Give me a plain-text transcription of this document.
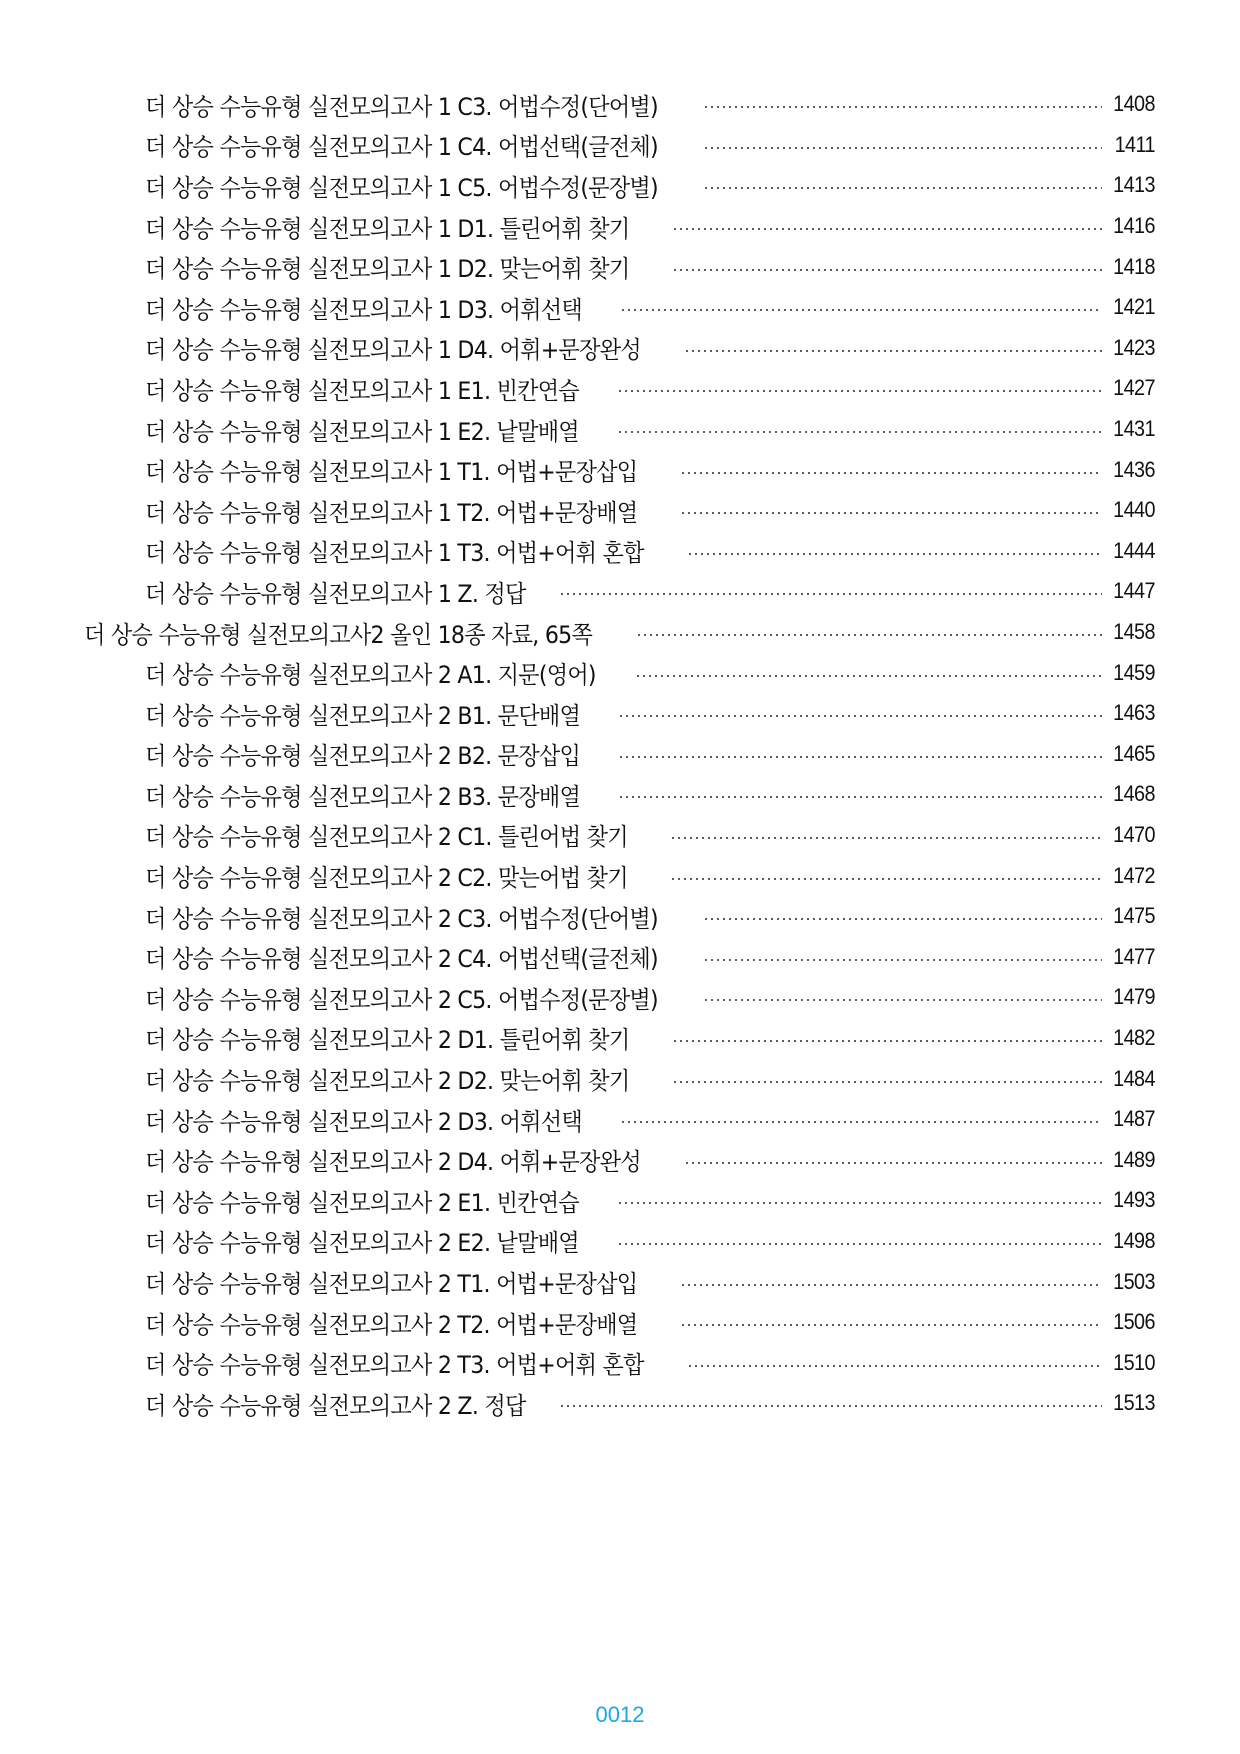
더 상승 수능유형 실전모의고사 1 C3. 어법수정(단어별)	1408
더 상승 수능유형 실전모의고사 1 C4. 어법선택(글전체)	1411
더 상승 수능유형 실전모의고사 1 C5. 어법수정(문장별)	1413
더 상승 수능유형 실전모의고사 1 D1. 틀린어휘 찾기	1416
더 상승 수능유형 실전모의고사 1 D2. 맞는어휘 찾기	1418
더 상승 수능유형 실전모의고사 1 D3. 어휘선택	1421
더 상승 수능유형 실전모의고사 1 D4. 어휘+문장완성	1423
더 상승 수능유형 실전모의고사 1 E1. 빈칸연습	1427
더 상승 수능유형 실전모의고사 1 E2. 낱말배열	1431
더 상승 수능유형 실전모의고사 1 T1. 어법+문장삽입	1436
더 상승 수능유형 실전모의고사 1 T2. 어법+문장배열	1440
더 상승 수능유형 실전모의고사 1 T3. 어법+어휘 혼합	1444
더 상승 수능유형 실전모의고사 1 Z. 정답	1447
더 상승 수능유형 실전모의고사2 올인 18종 자료, 65쪽	1458
더 상승 수능유형 실전모의고사 2 A1. 지문(영어)	1459
더 상승 수능유형 실전모의고사 2 B1. 문단배열	1463
더 상승 수능유형 실전모의고사 2 B2. 문장삽입	1465
더 상승 수능유형 실전모의고사 2 B3. 문장배열	1468
더 상승 수능유형 실전모의고사 2 C1. 틀린어법 찾기	1470
더 상승 수능유형 실전모의고사 2 C2. 맞는어법 찾기	1472
더 상승 수능유형 실전모의고사 2 C3. 어법수정(단어별)	1475
더 상승 수능유형 실전모의고사 2 C4. 어법선택(글전체)	1477
더 상승 수능유형 실전모의고사 2 C5. 어법수정(문장별)	1479
더 상승 수능유형 실전모의고사 2 D1. 틀린어휘 찾기	1482
더 상승 수능유형 실전모의고사 2 D2. 맞는어휘 찾기	1484
더 상승 수능유형 실전모의고사 2 D3. 어휘선택	1487
더 상승 수능유형 실전모의고사 2 D4. 어휘+문장완성	1489
더 상승 수능유형 실전모의고사 2 E1. 빈칸연습	1493
더 상승 수능유형 실전모의고사 2 E2. 낱말배열	1498
더 상승 수능유형 실전모의고사 2 T1. 어법+문장삽입	1503
더 상승 수능유형 실전모의고사 2 T2. 어법+문장배열	1506
더 상승 수능유형 실전모의고사 2 T3. 어법+어휘 혼합	1510
더 상승 수능유형 실전모의고사 2 Z. 정답	1513
0012
